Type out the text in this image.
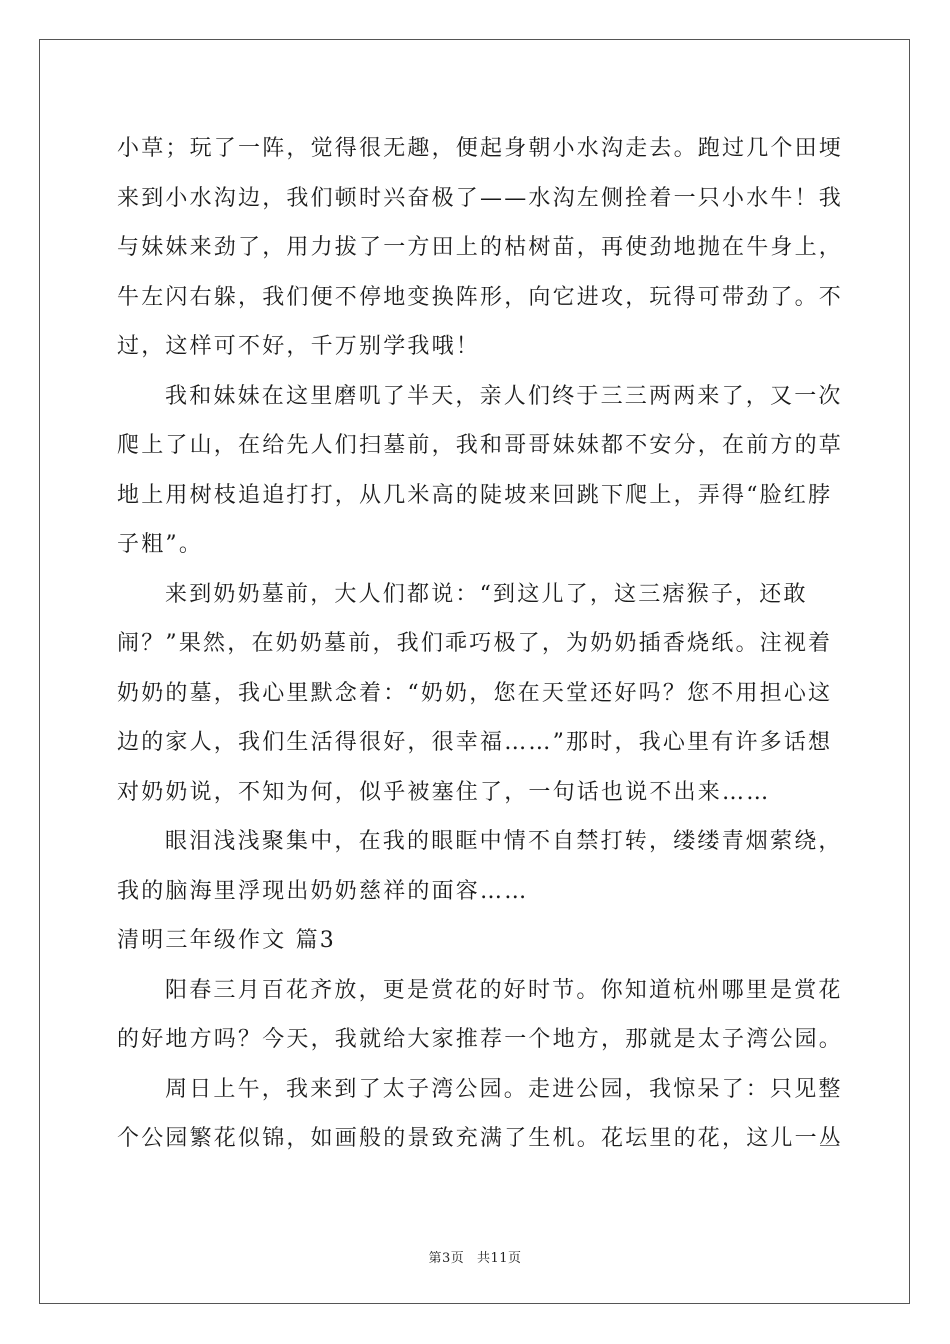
小草；玩了一阵，觉得很无趣，便起身朝小水沟走去。跑过几个田埂

来到小水沟边，我们顿时兴奋极了——水沟左侧拴着一只小水牛！我

与妹妹来劲了，用力拔了一方田上的枯树苗，再使劲地抛在牛身上，

牛左闪右躲，我们便不停地变换阵形，向它进攻，玩得可带劲了。不

过，这样可不好，千万别学我哦！

我和妹妹在这里磨叽了半天，亲人们终于三三两两来了，又一次

爬上了山，在给先人们扫墓前，我和哥哥妹妹都不安分，在前方的草

地上用树枝追追打打，从几米高的陡坡来回跳下爬上，弄得“脸红脖

子粗”。

来到奶奶墓前，大人们都说：“到这儿了，这三痞猴子，还敢

闹？”果然，在奶奶墓前，我们乖巧极了，为奶奶插香烧纸。注视着

奶奶的墓，我心里默念着：“奶奶，您在天堂还好吗？您不用担心这

边的家人，我们生活得很好，很幸福……”那时，我心里有许多话想

对奶奶说，不知为何，似乎被塞住了，一句话也说不出来……

眼泪浅浅聚集中，在我的眼眶中情不自禁打转，缕缕青烟萦绕，

我的脑海里浮现出奶奶慈祥的面容……

清明三年级作文 篇3

阳春三月百花齐放，更是赏花的好时节。你知道杭州哪里是赏花

的好地方吗？今天，我就给大家推荐一个地方，那就是太子湾公园。

周日上午，我来到了太子湾公园。走进公园，我惊呆了：只见整

个公园繁花似锦，如画般的景致充满了生机。花坛里的花，这儿一丛

第3页 共11页
